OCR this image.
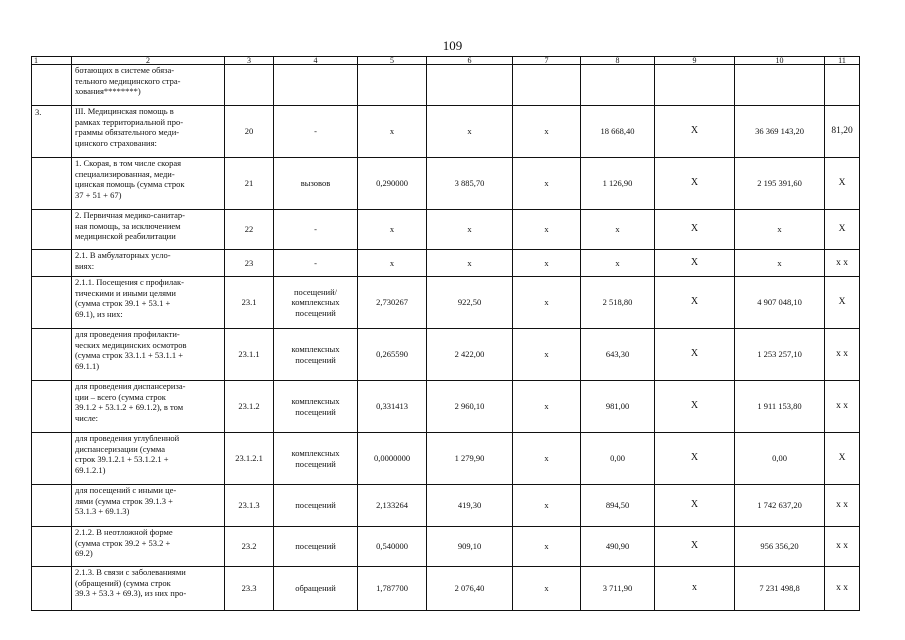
109
1	2	3	4	5	6	7	8	9	10	11
	ботающих в системе обяза-
тельного медицинского стра-
хования********)									
3.	III. Медицинская помощь в
рамках территориальной про-
граммы обязательного меди-
цинского страхования:	20	-	х	х	х	18 668,40	Х	36 369 143,20	81,20
	1. Скорая, в том числе скорая
специализированная, меди-
цинская помощь (сумма строк
37 + 51 + 67)	21	вызовов	0,290000	3 885,70	х	1 126,90	Х	2 195 391,60	Х
	2. Первичная медико-санитар-
ная помощь, за исключением
медицинской реабилитации	22	-	х	х	х	х	Х	х	Х
	2.1. В амбулаторных усло-
виях:	23	-	х	х	х	х	Х	х	х х
	2.1.1. Посещения с профилак-
тическими и иными целями
(сумма строк 39.1 + 53.1 +
69.1), из них:	23.1	посещений/
комплексных
посещений	2,730267	922,50	х	2 518,80	Х	4 907 048,10	Х
	для проведения профилакти-
ческих медицинских осмотров
(сумма строк 33.1.1 + 53.1.1 +
69.1.1)	23.1.1	комплексных
посещений	0,265590	2 422,00	х	643,30	Х	1 253 257,10	х х
	для проведения диспансериза-
ции – всего (сумма строк
39.1.2 + 53.1.2 + 69.1.2), в том
числе:	23.1.2	комплексных
посещений	0,331413	2 960,10	х	981,00	Х	1 911 153,80	х х
	для проведения углубленной
диспансеризации (сумма
строк 39.1.2.1 + 53.1.2.1 +
69.1.2.1)	23.1.2.1	комплексных
посещений	0,0000000	1 279,90	х	0,00	Х	0,00	Х
	для посещений с иными це-
лями (сумма строк 39.1.3 +
53.1.3 + 69.1.3)	23.1.3	посещений	2,133264	419,30	х	894,50	Х	1 742 637,20	х х
	2.1.2. В неотложной форме
(сумма строк 39.2 + 53.2 +
69.2)	23.2	посещений	0,540000	909,10	х	490,90	Х	956 356,20	х х
	2.1.3. В связи с заболеваниями
(обращений) (сумма строк
39.3 + 53.3 + 69.3), из них про-	23.3	обращений	1,787700	2 076,40	х	3 711,90	х	7 231 498,8	х х
